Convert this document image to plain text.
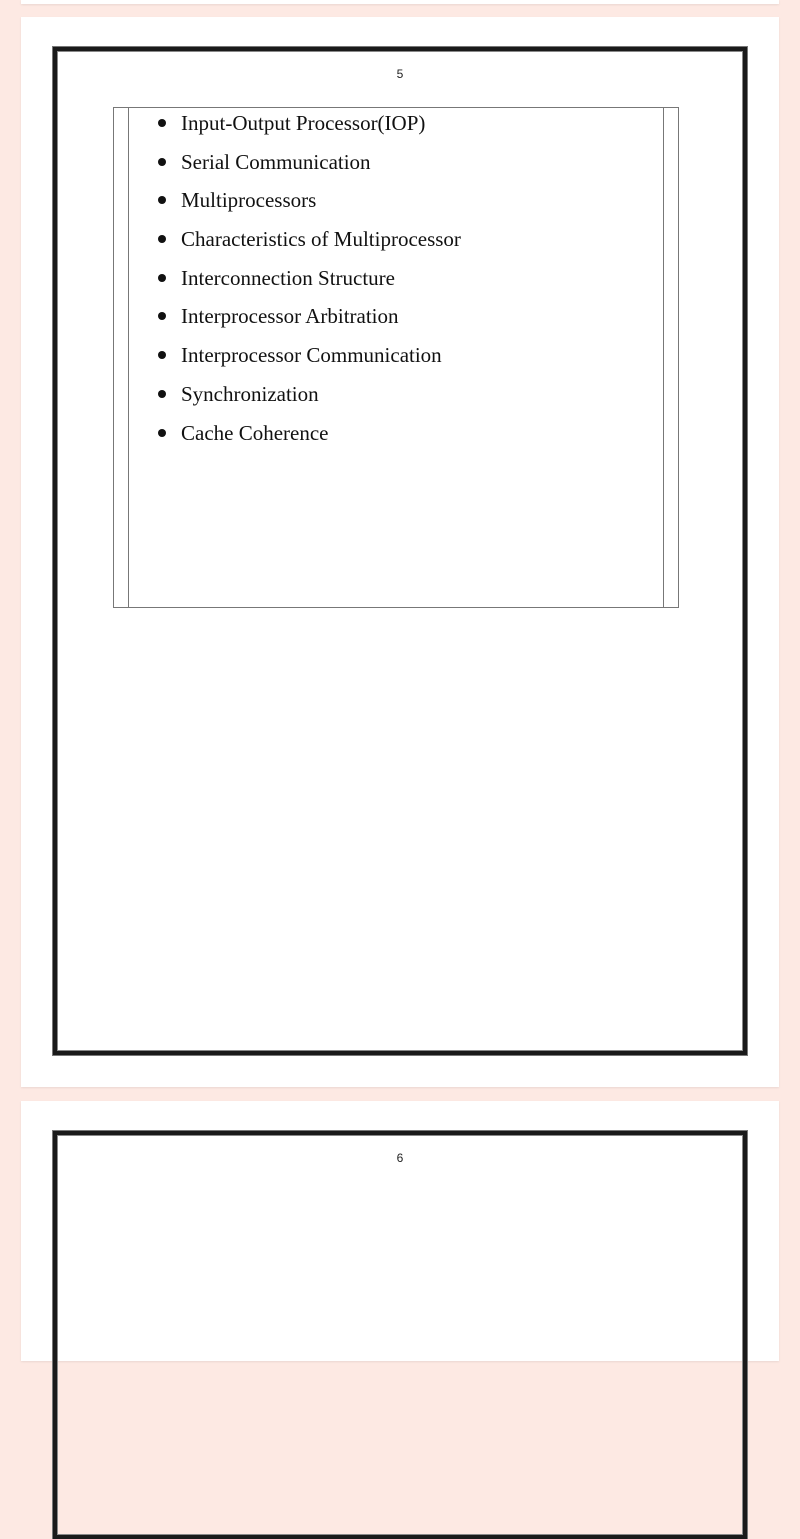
5
Input-Output Processor(IOP)
Serial Communication
Multiprocessors
Characteristics of Multiprocessor
Interconnection Structure
Interprocessor Arbitration
Interprocessor Communication
Synchronization
Cache Coherence
6
